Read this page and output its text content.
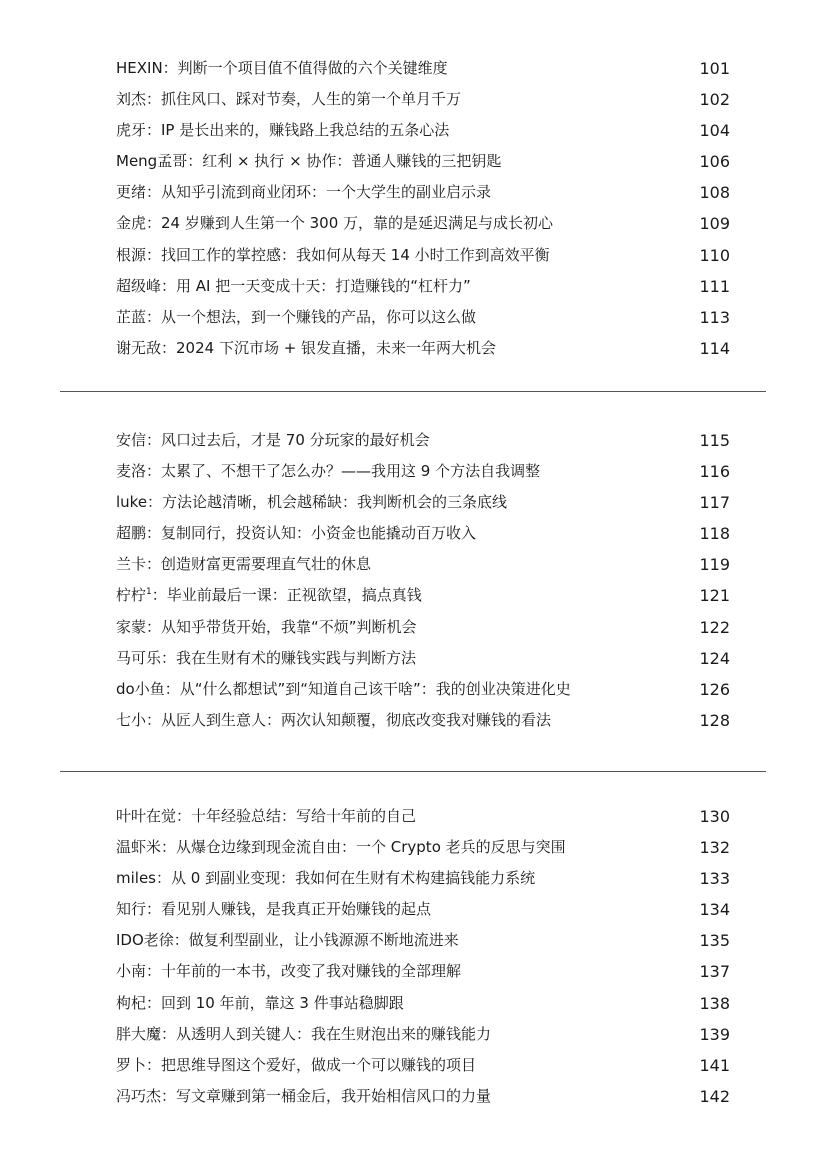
HEXIN：判断一个项目值不值得做的六个关键维度	101
刘杰：抓住风口、踩对节奏，人生的第一个单月千万	102
虎牙：IP 是长出来的，赚钱路上我总结的五条心法	104
Meng孟哥：红利 × 执行 × 协作：普通人赚钱的三把钥匙	106
更绪：从知乎引流到商业闭环：一个大学生的副业启示录	108
金虎：24 岁赚到人生第一个 300 万，靠的是延迟满足与成长初心	109
根源：找回工作的掌控感：我如何从每天 14 小时工作到高效平衡	110
超级峰：用 AI 把一天变成十天：打造赚钱的“杠杆力”	111
芷蓝：从一个想法，到一个赚钱的产品，你可以这么做	113
谢无敌：2024 下沉市场 + 银发直播，未来一年两大机会	114
安信：风口过去后，才是 70 分玩家的最好机会	115
麦洛：太累了、不想干了怎么办？——我用这 9 个方法自我调整	116
luke：方法论越清晰，机会越稀缺：我判断机会的三条底线	117
超鹏：复制同行，投资认知：小资金也能撬动百万收入	118
兰卡：创造财富更需要理直气壮的休息	119
柠柠$^1$：毕业前最后一课：正视欲望，搞点真钱	121
家蒙：从知乎带货开始，我靠“不烦”判断机会	122
马可乐：我在生财有术的赚钱实践与判断方法	124
do小鱼：从“什么都想试”到“知道自己该干啥”：我的创业决策进化史	126
七小：从匠人到生意人：两次认知颠覆，彻底改变我对赚钱的看法	128
叶叶在觉：十年经验总结：写给十年前的自己	130
温虾米：从爆仓边缘到现金流自由：一个 Crypto 老兵的反思与突围	132
miles：从 0 到副业变现：我如何在生财有术构建搞钱能力系统	133
知行：看见别人赚钱，是我真正开始赚钱的起点	134
IDO老徐：做复利型副业，让小钱源源不断地流进来	135
小南：十年前的一本书，改变了我对赚钱的全部理解	137
枸杞：回到 10 年前，靠这 3 件事站稳脚跟	138
胖大魔：从透明人到关键人：我在生财泡出来的赚钱能力	139
罗卜：把思维导图这个爱好，做成一个可以赚钱的项目	141
冯巧杰：写文章赚到第一桶金后，我开始相信风口的力量	142
